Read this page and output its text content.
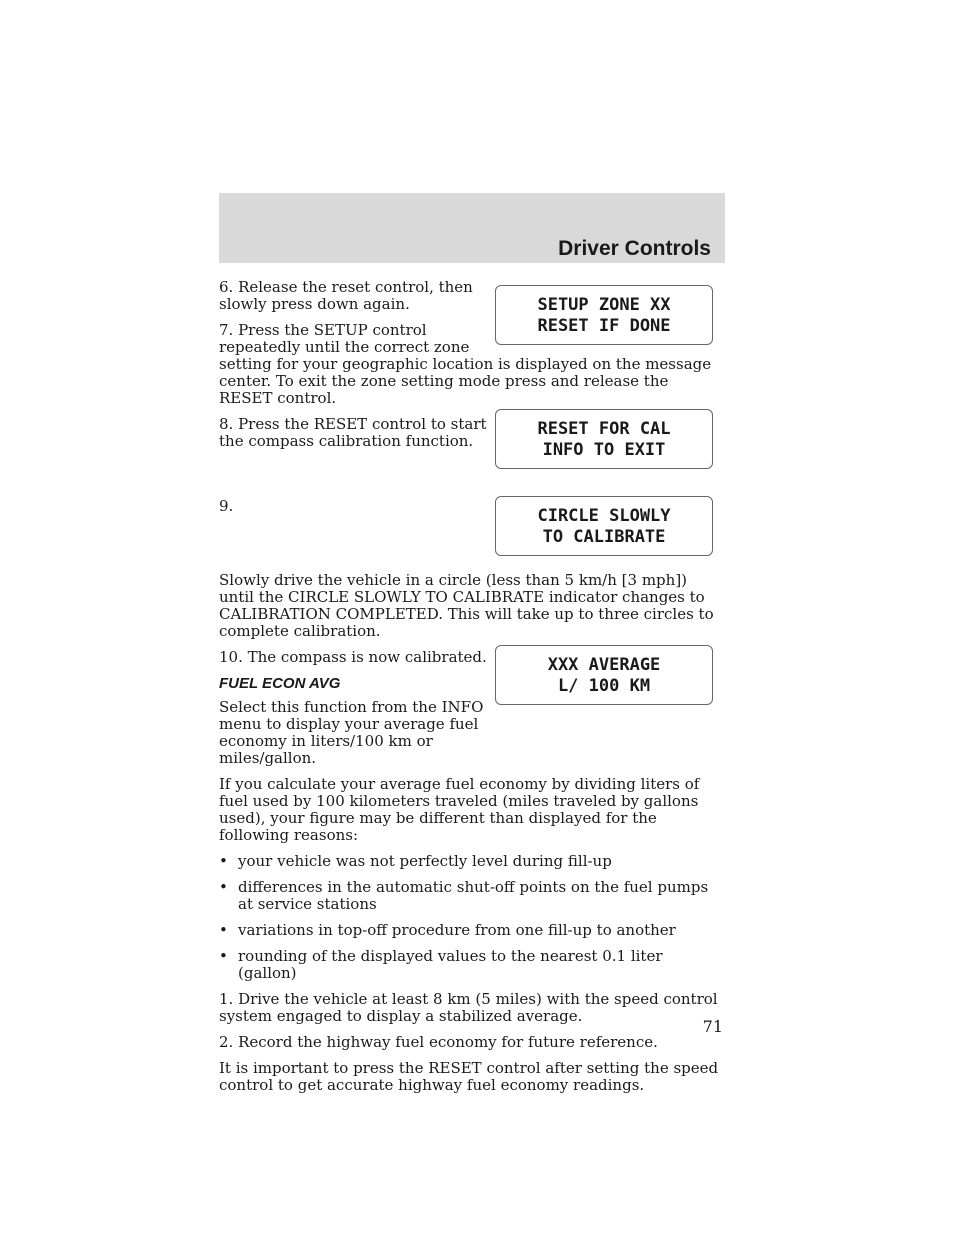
Driver Controls
SETUP ZONE XX
RESET IF DONE
RESET FOR CAL
INFO TO EXIT
CIRCLE SLOWLY
TO CALIBRATE
XXX AVERAGE
L/ 100 KM

6. Release the reset control, then slowly press down again.

7. Press the SETUP control repeatedly until the correct zone setting for your geographic location is displayed on the message center. To exit the zone setting mode press and release the RESET control.

8. Press the RESET control to start the compass calibration function.

9. Slowly drive the vehicle in a circle (less than 5 km/h [3 mph]) until the CIRCLE SLOWLY TO CALIBRATE indicator changes to CALIBRATION COMPLETED. This will take up to three circles to complete calibration.

10. The compass is now calibrated.

FUEL ECON AVG

Select this function from the INFO menu to display your average fuel economy in liters/100 km or miles/gallon.

If you calculate your average fuel economy by dividing liters of fuel used by 100 kilometers traveled (miles traveled by gallons used), your figure may be different than displayed for the following reasons:

• your vehicle was not perfectly level during fill-up
• differences in the automatic shut-off points on the fuel pumps at service stations
• variations in top-off procedure from one fill-up to another
• rounding of the displayed values to the nearest 0.1 liter (gallon)

1. Drive the vehicle at least 8 km (5 miles) with the speed control system engaged to display a stabilized average.

2. Record the highway fuel economy for future reference.

It is important to press the RESET control after setting the speed control to get accurate highway fuel economy readings.

71
